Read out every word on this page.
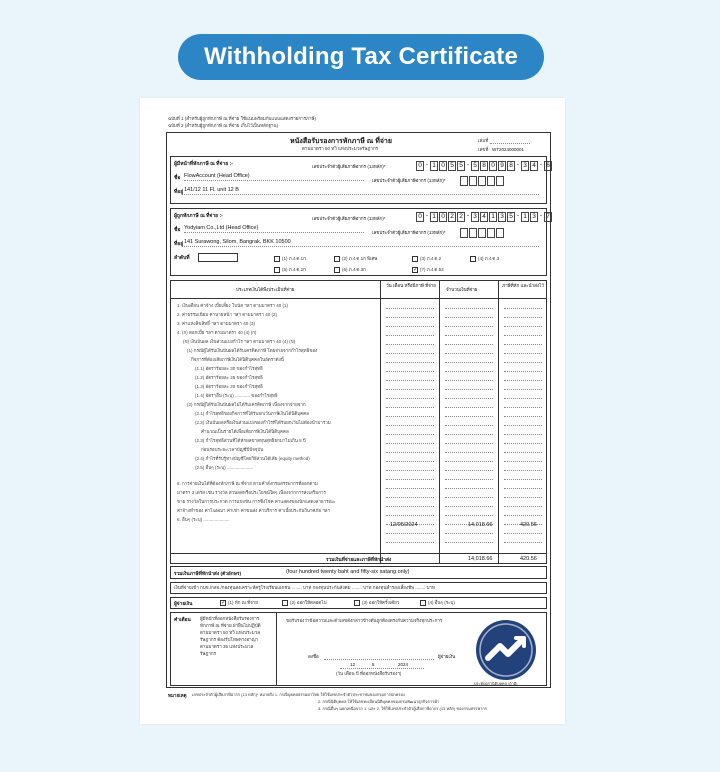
Withholding Tax Certificate
ฉบับที่ 1 (สำหรับผู้ถูกหักภาษี ณ ที่จ่าย ใช้แนบพร้อมกับแบบแสดงรายการภาษี)
ฉบับที่ 2 (สำหรับผู้ถูกหักภาษี ณ ที่จ่าย เก็บไว้เป็นหลักฐาน)
หนังสือรับรองการหักภาษี ณ ที่จ่าย
ตามมาตรา 50 ทวิ แห่งประมวลรัษฎากร
เล่มที่
เลขที่ WT2024000001
ผู้มีหน้าที่หักภาษี ณ ที่จ่าย :-	เลขประจำตัวผู้เสียภาษีอากร (13หลัก)*	0 - 1 0 5 5 - 5 8 0 9 8 - 3 4 - 6
ชื่อ FlowAccount (Head Office)
เลขประจำตัวผู้เสียภาษีอากร (13หลัก)*
ที่อยู่ 141/12 11 Fl. unit 12 B
ผู้ถูกหักภาษี ณ ที่จ่าย :-	เลขประจำตัวผู้เสียภาษีอากร (13หลัก)*	0 - 1 0 2 2 - 3 4 1 3 5 - 1 3 - 7
ชื่อ Yodyiam Co.,Ltd (Head Office)
เลขประจำตัวผู้เสียภาษีอากร (13หลัก)*
ที่อยู่ 141 Surawong, Silom, Bangrak, BKK 10500
ลำดับที่	(1) ภ.ง.ด.1ก	(2) ภ.ง.ด.1ก พิเศษ	(3) ภ.ง.ด.2	(4) ภ.ง.ด.3
(5) ภ.ง.ด.2ก	(6) ภ.ง.ด.3ก	✓ (7) ภ.ง.ด.53
ประเภทเงินได้พึงประเมินที่จ่าย
วัน เดือน หรือปีภาษี ที่จ่าย
จำนวนเงินที่จ่าย
ภาษีที่หัก และนำส่งไว้
1. เงินเดือน ค่าจ้าง เบี้ยเลี้ยง โบนัส ฯลฯ ตามมาตรา 40 (1)
2. ค่าธรรมเนียม ค่านายหน้า ฯลฯ ตามมาตรา 40 (2)
3. ค่าแห่งลิขสิทธิ์ ฯลฯ ตามมาตรา 40 (3)
4. (ก) ดอกเบี้ย ฯลฯ ตามมาตรา 40 (4) (ก)
(ข) เงินปันผล เงินส่วนแบ่งกำไร ฯลฯ ตามมาตรา 40 (4) (ข)
(1) กรณีผู้ได้รับเงินปันผลได้รับเครดิตภาษี โดยจ่ายจากกำไรสุทธิของ
กิจการที่ต้องเสียภาษีเงินได้นิติบุคคลในอัตราดังนี้
(1.1) อัตราร้อยละ 30 ของกำไรสุทธิ
(1.2) อัตราร้อยละ 25 ของกำไรสุทธิ
(1.3) อัตราร้อยละ 20 ของกำไรสุทธิ
(1.4) อัตราอื่น (ระบุ) ............ ของกำไรสุทธิ
(2) กรณีผู้ได้รับเงินปันผลไม่ได้รับเครดิตภาษี เนื่องจากจ่ายจาก
(2.1) กำไรสุทธิของกิจการที่ได้รับยกเว้นภาษีเงินได้นิติบุคคล
(2.2) เงินปันผลหรือเงินส่วนแบ่งของกำไรที่ได้รับยกเว้นไม่ต้องนำมารวม
คำนวณเป็นรายได้เพื่อเสียภาษีเงินได้นิติบุคคล
(2.3) กำไรสุทธิส่วนที่ได้หักผลขาดทุนสุทธิยกมาไม่เกิน 5 ปี
ก่อนรอบระยะเวลาบัญชีปีปัจจุบัน
(2.4) กำไรที่รับรู้ทางบัญชีโดยวิธีส่วนได้เสีย (equity method)
(2.5) อื่นๆ (ระบุ) .....................
5. การจ่ายเงินได้ที่ต้องหักภาษี ณ ที่จ่าย ตามคำสั่งกรมสรรพากรที่ออกตาม
มาตรา 3 เตรส เช่น รางวัล ส่วนลดหรือประโยชน์ใดๆ เนื่องจากการส่งเสริมการ
ขาย รางวัลในการประกวด การแข่งขัน การชิงโชค ค่าแสดงของนักแสดงสาธารณะ
ค่าจ้างทำของ ค่าโฆษณา ค่าเช่า ค่าขนส่ง ค่าบริการ ค่าเบี้ยประกันวินาศภัย ฯลฯ
6. อื่นๆ (ระบุ) .....................
12/05/2024	14,018.66	420.56
รวมเงินที่จ่ายและภาษีที่หักนำส่ง	14,018.66	420.56
รวมเงินภาษีที่หักนำส่ง (ตัวอักษร)	(four hundred twenty baht and fifty-six satang only)
เงินที่จ่ายเข้า กบข./กสจ./กองทุนสงเคราะห์ครูโรงเรียนเอกชน ........ บาท กองทุนประกันสังคม ........ บาท กองทุนสำรองเลี้ยงชีพ ........ บาท
ผู้จ่ายเงิน	✓ (1) หัก ณ ที่จ่าย	(2) ออกให้ตลอดไป	(3) ออกให้ครั้งเดียว	(4) อื่นๆ (ระบุ)
คำเตือน ผู้มีหน้าที่ออกหนังสือรับรองการ
หักภาษี ณ ที่จ่าย ฝ่าฝืนไม่ปฏิบัติ
ตามมาตรา 50 ทวิ แห่งประมวล
รัษฎากร ต้องรับโทษทางอาญา
ตามมาตรา 35 แห่งประมวล
รัษฎากร
ขอรับรองว่าข้อความและตัวเลขดังกล่าวข้างต้นถูกต้องตรงกับความจริงทุกประการ
ลงชื่อ	ผู้จ่ายเงิน
12	5	2024
(วัน เดือน ปี ที่ออกหนังสือรับรองฯ)
ประทับตรานิติบุคคล (ถ้ามี)
หมายเหตุ เลขประจำตัวผู้เสียภาษีอากร (13 หลัก)* หมายถึง 1. กรณีบุคคลธรรมดาไทย ให้ใช้เลขประจำตัวประชาชนของกรมการปกครอง
2. กรณีนิติบุคคล ให้ใช้เลขทะเบียนนิติบุคคลของกรมพัฒนาธุรกิจการค้า
3. กรณีอื่นๆ นอกเหนือจาก 1. และ 2. ให้ใช้เลขประจำตัวผู้เสียภาษีอากร (13 หลัก) ของกรมสรรพากร
